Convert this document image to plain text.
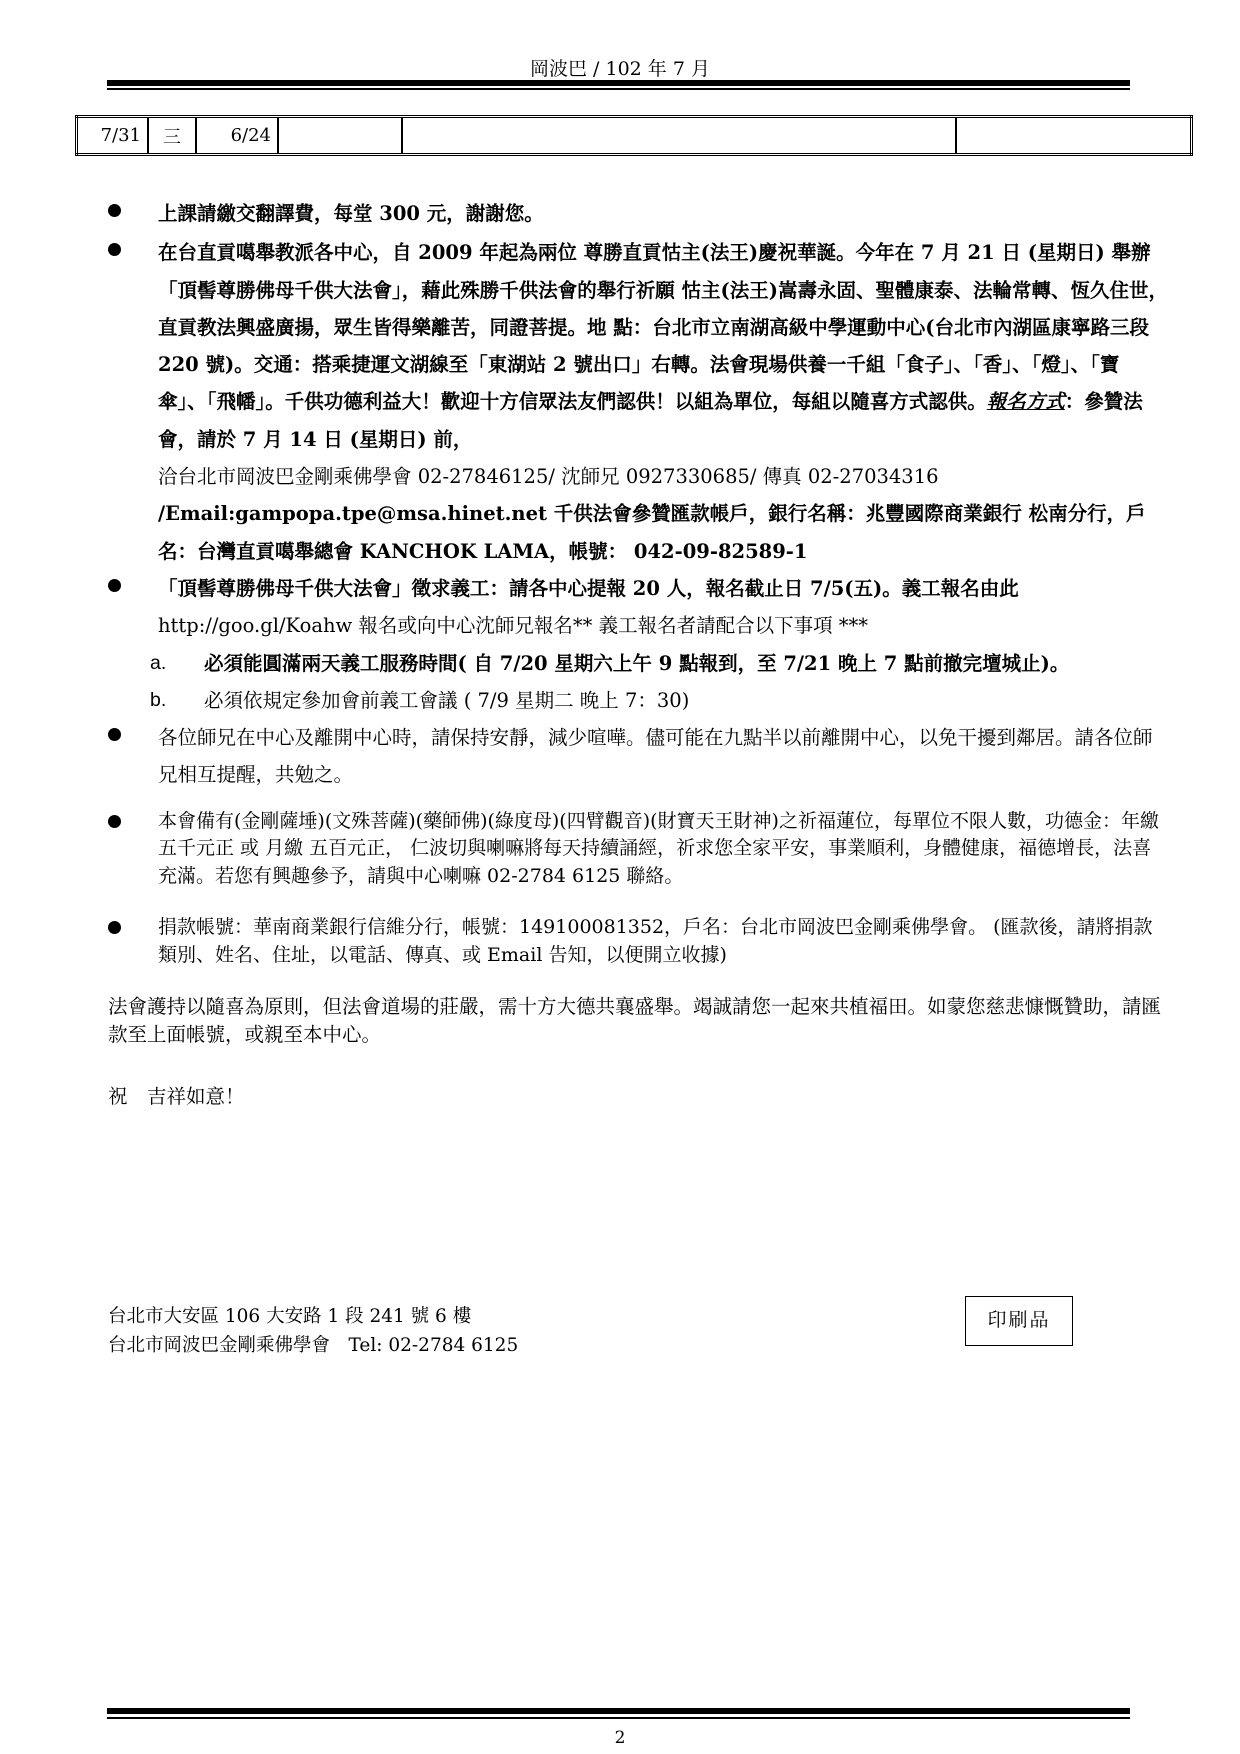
岡波巴 / 102 年 7 月
7/31	三	6/24			
上課請繳交翻譯費，每堂 300 元，謝謝您。
在台直貢噶舉教派各中心，自 2009 年起為兩位 尊勝直貢怙主(法王)慶祝華誕。今年在 7 月 21 日 (星期日) 舉辦「頂髻尊勝佛母千供大法會」，藉此殊勝千供法會的舉行祈願 怙主(法王)嵩壽永固、聖體康泰、法輪常轉、恆久住世，直貢教法興盛廣揚，眾生皆得樂離苦，同證菩提。地 點：台北市立南湖高級中學運動中心(台北市內湖區康寧路三段 220 號)。交通：搭乘捷運文湖線至「東湖站 2 號出口」右轉。法會現場供養一千組「食子」、「香」、「燈」、「寶傘」、「飛幡」。千供功德利益大！歡迎十方信眾法友們認供！以組為單位，每組以隨喜方式認供。報名方式：參贊法會，請於 7 月 14 日 (星期日) 前，
洽台北市岡波巴金剛乘佛學會 02-27846125/ 沈師兄 0927330685/ 傳真 02-27034316
/Email:gampopa.tpe@msa.hinet.net 千供法會參贊匯款帳戶，銀行名稱：兆豐國際商業銀行 松南分行，戶名：台灣直貢噶舉總會 KANCHOK LAMA，帳號： 042-09-82589-1
「頂髻尊勝佛母千供大法會」徵求義工：請各中心提報 20 人，報名截止日 7/5(五)。義工報名由此
http://goo.gl/Koahw 報名或向中心沈師兄報名** 義工報名者請配合以下事項 ***
a. 必須能圓滿兩天義工服務時間( 自 7/20 星期六上午 9 點報到，至 7/21 晚上 7 點前撤完壇城止)。
b. 必須依規定參加會前義工會議 ( 7/9 星期二 晚上 7：30)
各位師兄在中心及離開中心時，請保持安靜，減少喧嘩。儘可能在九點半以前離開中心，以免干擾到鄰居。請各位師兄相互提醒，共勉之。
本會備有(金剛薩埵)(文殊菩薩)(藥師佛)(綠度母)(四臂觀音)(財寶天王財神)之祈福蓮位，每單位不限人數，功德金：年繳 五千元正 或 月繳 五百元正， 仁波切與喇嘛將每天持續誦經，祈求您全家平安，事業順利，身體健康，福德增長，法喜充滿。若您有興趣參予，請與中心喇嘛 02-2784 6125 聯絡。
捐款帳號：華南商業銀行信維分行，帳號：149100081352，戶名：台北市岡波巴金剛乘佛學會。 (匯款後，請將捐款類別、姓名、住址，以電話、傳真、或 Email 告知，以便開立收據)
法會護持以隨喜為原則，但法會道場的莊嚴，需十方大德共襄盛舉。竭誠請您一起來共植福田。如蒙您慈悲慷慨贊助，請匯款至上面帳號，或親至本中心。
祝　吉祥如意！
台北市大安區 106 大安路 1 段 241 號 6 樓
台北市岡波巴金剛乘佛學會　Tel: 02-2784 6125
印刷品
2
